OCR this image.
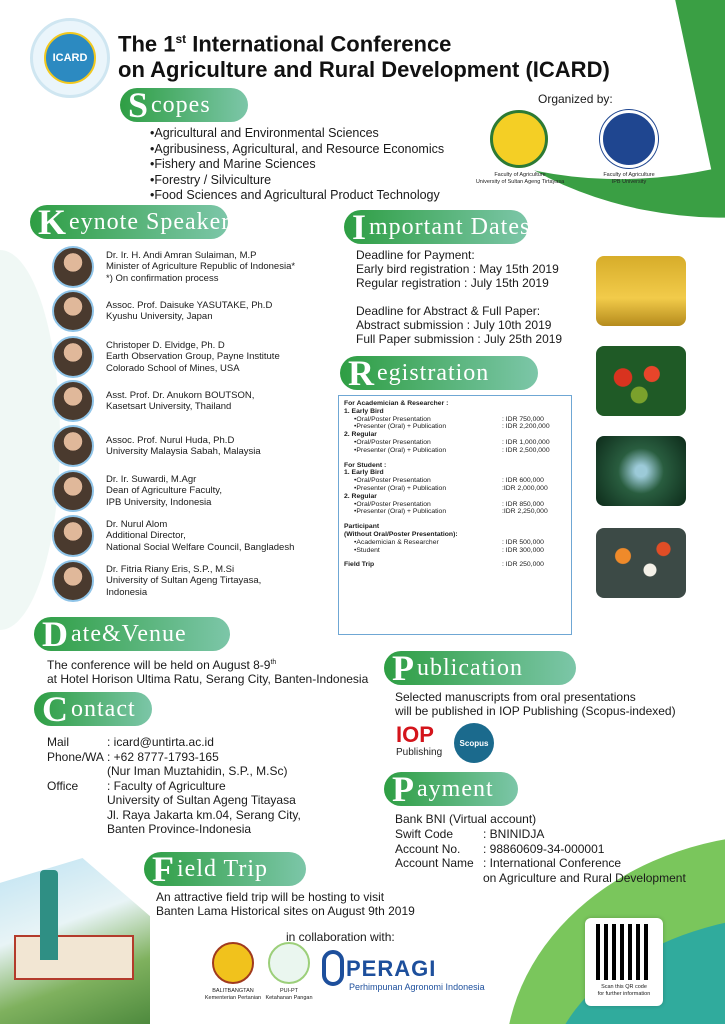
ICARD
The 1st International Conference
on Agriculture and Rural Development (ICARD)
S copes
• Agricultural and Environmental Sciences
• Agribusiness, Agricultural, and Resource Economics
• Fishery and Marine Sciences
• Forestry / Silviculture
• Food Sciences and Agricultural Product Technology
Organized by:
Faculty of Agriculture
University of Sultan Ageng Tirtayasa
Faculty of Agriculture
IPB University
K eynote Speakers
Dr. Ir. H. Andi Amran Sulaiman, M.P
Minister of Agriculture Republic of Indonesia*
*) On confirmation process
Assoc. Prof. Daisuke YASUTAKE, Ph.D
Kyushu University, Japan
Christoper D. Elvidge, Ph. D
Earth Observation Group, Payne Institute
Colorado School of Mines, USA
Asst. Prof. Dr. Anukorn BOUTSON,
Kasetsart University, Thailand
Assoc. Prof. Nurul Huda, Ph.D
University Malaysia Sabah, Malaysia
Dr. Ir. Suwardi, M.Agr
Dean of Agriculture Faculty,
IPB University, Indonesia
Dr. Nurul Alom
Additional Director,
National Social Welfare Council, Bangladesh
Dr. Fitria Riany Eris, S.P., M.Si
University of Sultan Ageng Tirtayasa,
Indonesia
I mportant Dates
Deadline for Payment:
Early bird registration : May 15th 2019
Regular registration : July 15th 2019

Deadline for Abstract & Full Paper:
Abstract submission : July 10th 2019
Full Paper submission : July 25th 2019
R egistration
For Academician & Researcher :
1. Early Bird
• Oral/Poster Presentation	: IDR 750,000
• Presenter (Oral) + Publication	: IDR 2,200,000
2. Regular
• Oral/Poster Presentation	: IDR 1,000,000
• Presenter (Oral) + Publication	: IDR 2,500,000
For Student :
1. Early Bird
• Oral/Poster Presentation	: IDR 600,000
• Presenter (Oral) + Publication	:IDR 2,000,000
2. Regular
• Oral/Poster Presentation	: IDR 850,000
• Presenter (Oral) + Publication	:IDR 2,250,000
Participant
(Without Oral/Poster Presentation):
• Academician & Researcher	: IDR 500,000
• Student	: IDR 300,000
Field Trip	: IDR 250,000
D ate&Venue
The conference will be held on August 8-9th
at Hotel Horison Ultima Ratu, Serang City, Banten-Indonesia P ublication
Selected manuscripts from oral presentations
will be published in IOP Publishing (Scopus-indexed)
IOP
Publishing
Scopus
C ontact
Mail	: icard@untirta.ac.id
Phone/WA : +62 8777-1793-165
(Nur Iman Muztahidin, S.P., M.Sc)
Office	: Faculty of Agriculture
University of Sultan Ageng Titayasa
Jl. Raya Jakarta km.04, Serang City,
Banten Province-Indonesia
P ayment
Bank BNI (Virtual account)
Swift Code	: BNINIDJA
Account No.	: 98860609-34-000001
Account Name : International Conference
on Agriculture and Rural Development
F ield Trip
An attractive field trip will be hosting to visit
Banten Lama Historical sites on August 9th 2019
in collaboration with:
BALITBANGTAN
Kementerian Pertanian
PUI-PT
Ketahanan Pangan
PERAGI
Perhimpunan Agronomi Indonesia	Scan this QR code
for further information
